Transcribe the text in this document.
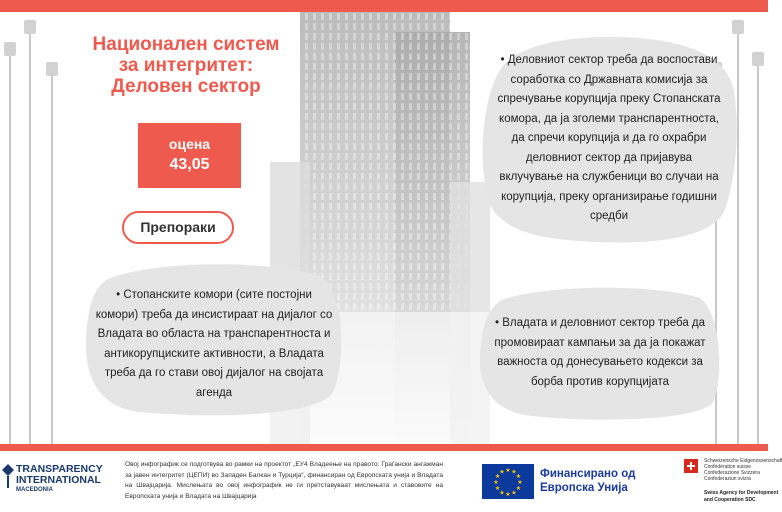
Национален систем
за интегритет:
Деловен сектор
оцена
43,05
Препораки
• Деловниот сектор треба да воспостави соработка со Државната комисија за спречување корупција преку Стопанската комора, да ја зголеми транспарентноста, да спречи корупција и да го охрабри деловниот сектор да пријавува вклучување на службеници во случаи на корупција, преку организирање годишни средби
• Стопанските комори (сите постојни комори) треба да инсистираат на дијалог со Владата во областа на транспарентноста и антикорупциските активности, а Владата треба да го стави овој дијалог на својата агенда
• Владата и деловниот сектор треба да промовираат кампањи за да ја покажат важноста од донесувањето кодекси за борба против корупцијата
TRANSPARENCY
INTERNATIONAL
MACEDONIA

Овој инфографик се подготвува во рамки на проектот „ЕУ4 Владеење на правото: Граѓански ангажман за јавен интегритет (ЦЕПИ) во Западен Балкан и Турција“, финансиран од Европската унија и Владата на Швајцарија. Мислењата во овој инфографик не ги претставуваат мислењата и ставовите на Европската унија и Владата на Швајцарија

★ ★
★
★
★
★
★
★
★
★
★
★	Финансирано од
Европска Унија
Schweizerische Eidgenossenschaft
Confédération suisse
Confederazione Svizzera
Confederaziun svizra
Swiss Agency for Development
and Cooperation SDC
